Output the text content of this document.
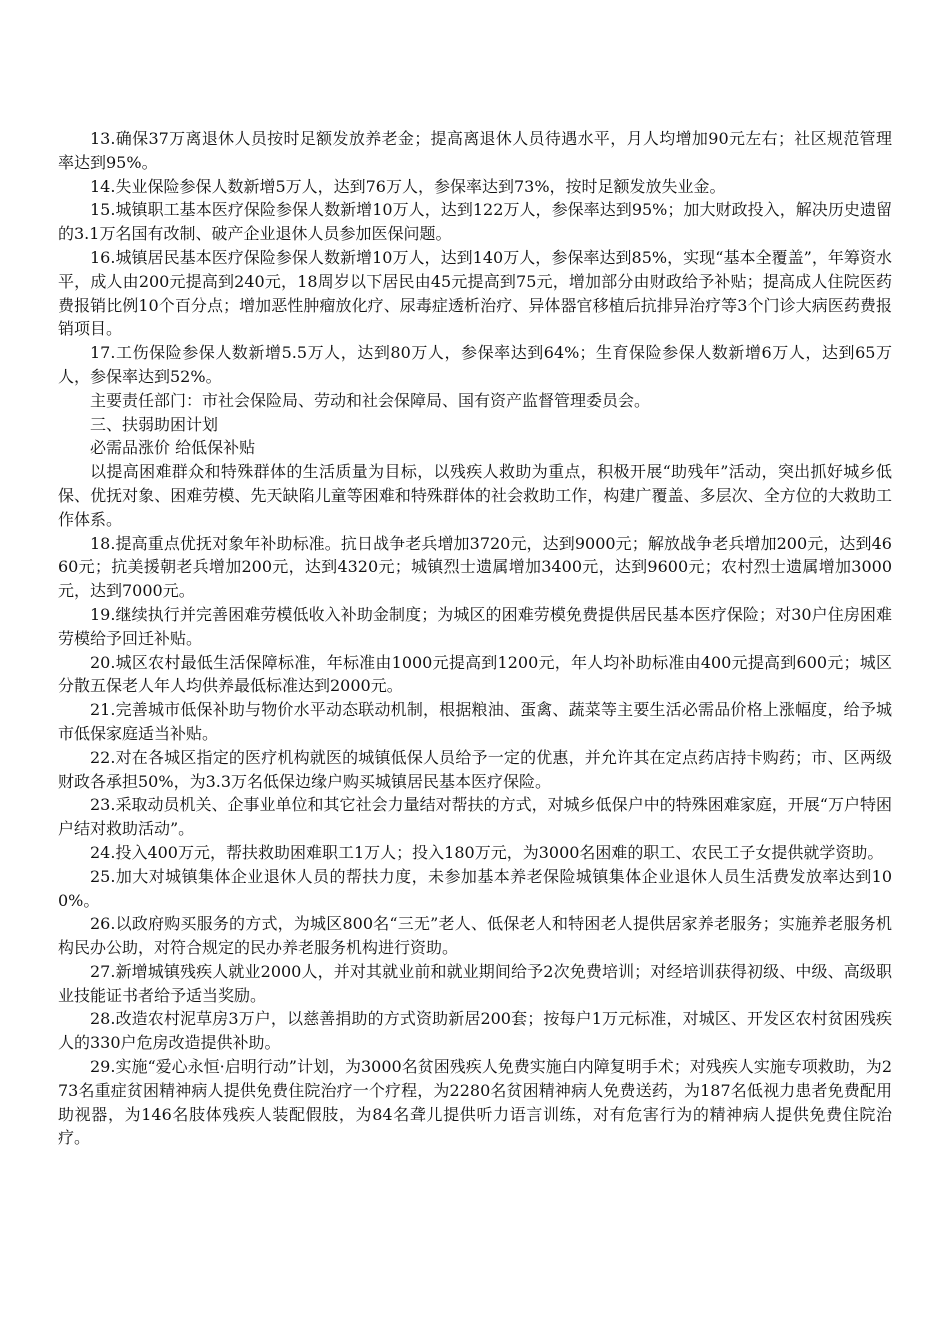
13.确保37万离退休人员按时足额发放养老金；提高离退休人员待遇水平，月人均增加90元左右；社区规范管理率达到95%。

14.失业保险参保人数新增5万人，达到76万人，参保率达到73%，按时足额发放失业金。

15.城镇职工基本医疗保险参保人数新增10万人，达到122万人，参保率达到95%；加大财政投入，解决历史遗留的3.1万名国有改制、破产企业退休人员参加医保问题。

16.城镇居民基本医疗保险参保人数新增10万人，达到140万人，参保率达到85%，实现“基本全覆盖”，年筹资水平，成人由200元提高到240元，18周岁以下居民由45元提高到75元，增加部分由财政给予补贴；提高成人住院医药费报销比例10个百分点；增加恶性肿瘤放化疗、尿毒症透析治疗、异体器官移植后抗排异治疗等3个门诊大病医药费报销项目。

17.工伤保险参保人数新增5.5万人，达到80万人，参保率达到64%；生育保险参保人数新增6万人，达到65万人，参保率达到52%。

主要责任部门：市社会保险局、劳动和社会保障局、国有资产监督管理委员会。

三、扶弱助困计划

必需品涨价 给低保补贴

以提高困难群众和特殊群体的生活质量为目标，以残疾人救助为重点，积极开展“助残年”活动，突出抓好城乡低保、优抚对象、困难劳模、先天缺陷儿童等困难和特殊群体的社会救助工作，构建广覆盖、多层次、全方位的大救助工作体系。

18.提高重点优抚对象年补助标准。抗日战争老兵增加3720元，达到9000元；解放战争老兵增加200元，达到4660元；抗美援朝老兵增加200元，达到4320元；城镇烈士遗属增加3400元，达到9600元；农村烈士遗属增加3000元，达到7000元。

19.继续执行并完善困难劳模低收入补助金制度；为城区的困难劳模免费提供居民基本医疗保险；对30户住房困难劳模给予回迁补贴。

20.城区农村最低生活保障标准，年标准由1000元提高到1200元，年人均补助标准由400元提高到600元；城区分散五保老人年人均供养最低标准达到2000元。

21.完善城市低保补助与物价水平动态联动机制，根据粮油、蛋禽、蔬菜等主要生活必需品价格上涨幅度，给予城市低保家庭适当补贴。

22.对在各城区指定的医疗机构就医的城镇低保人员给予一定的优惠，并允许其在定点药店持卡购药；市、区两级财政各承担50%，为3.3万名低保边缘户购买城镇居民基本医疗保险。

23.采取动员机关、企事业单位和其它社会力量结对帮扶的方式，对城乡低保户中的特殊困难家庭，开展“万户特困户结对救助活动”。

24.投入400万元，帮扶救助困难职工1万人；投入180万元，为3000名困难的职工、农民工子女提供就学资助。

25.加大对城镇集体企业退休人员的帮扶力度，未参加基本养老保险城镇集体企业退休人员生活费发放率达到100%。

26.以政府购买服务的方式，为城区800名“三无”老人、低保老人和特困老人提供居家养老服务；实施养老服务机构民办公助，对符合规定的民办养老服务机构进行资助。

27.新增城镇残疾人就业2000人，并对其就业前和就业期间给予2次免费培训；对经培训获得初级、中级、高级职业技能证书者给予适当奖励。

28.改造农村泥草房3万户，以慈善捐助的方式资助新居200套；按每户1万元标准，对城区、开发区农村贫困残疾人的330户危房改造提供补助。

29.实施“爱心永恒·启明行动”计划，为3000名贫困残疾人免费实施白内障复明手术；对残疾人实施专项救助，为273名重症贫困精神病人提供免费住院治疗一个疗程，为2280名贫困精神病人免费送药，为187名低视力患者免费配用助视器，为146名肢体残疾人装配假肢，为84名聋儿提供听力语言训练，对有危害行为的精神病人提供免费住院治疗。
